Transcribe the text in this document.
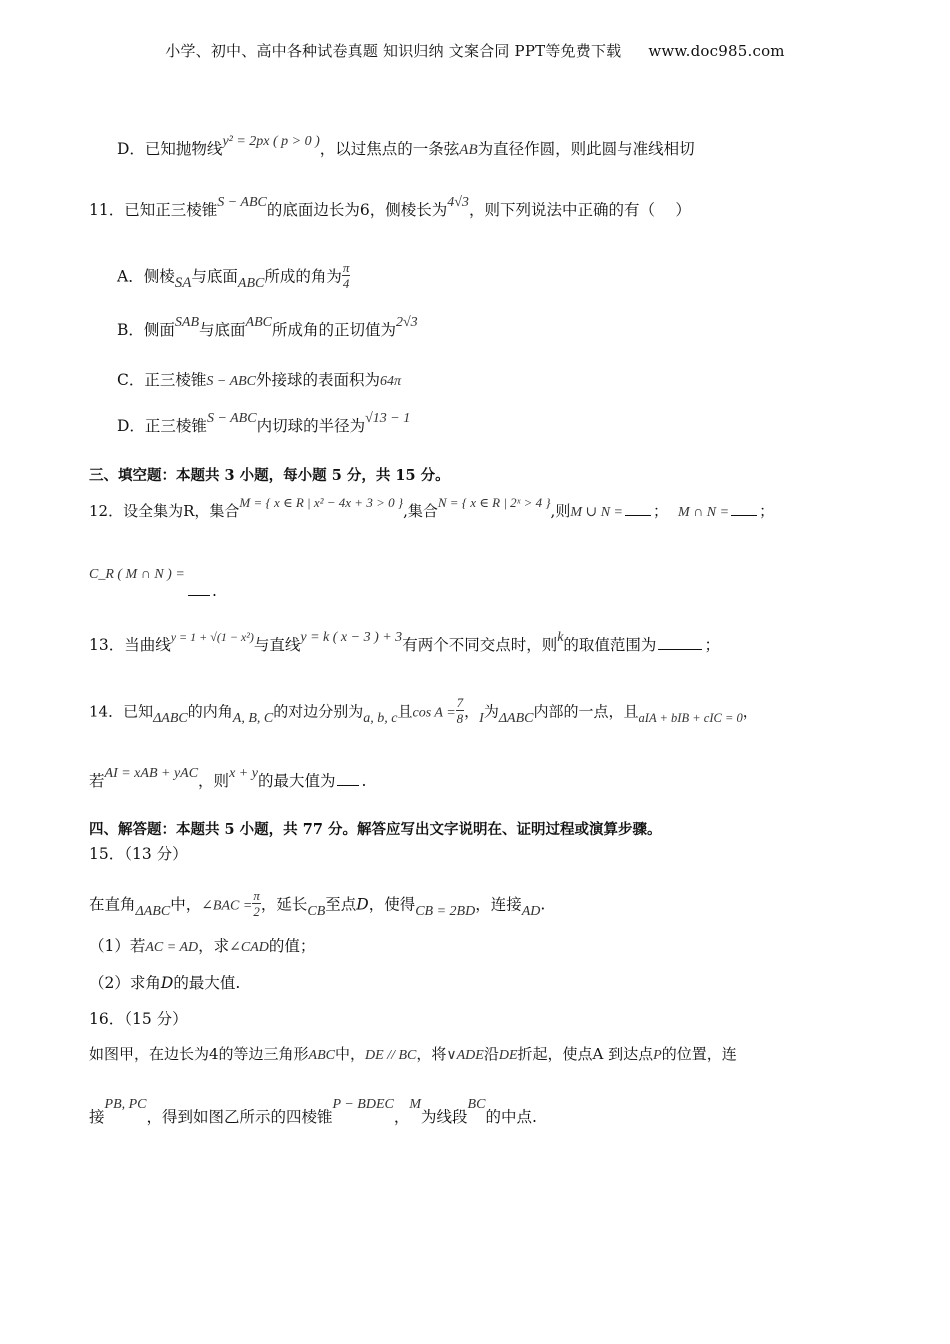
小学、初中、高中各种试卷真题 知识归纳 文案合同 PPT等免费下载 www.doc985.com
D．已知抛物线y² = 2px ( p > 0 )，以过焦点的一条弦AB为直径作圆，则此圆与准线相切
11．已知正三棱锥S − ABC的底面边长为6，侧棱长为4√3，则下列说法中正确的有（　 ）
A．侧棱SA与底面ABC所成的角为 $\frac{\pi}{4}$
B．侧面SAB与底面ABC所成角的正切值为2√3
C．正三棱锥S − ABC外接球的表面积为64π
D．正三棱锥S − ABC内切球的半径为√13 − 1
三、填空题：本题共 3 小题，每小题 5 分，共 15 分。
12．设全集为R，集合M = { x ∈ R | x² − 4x + 3 > 0 },集合N = { x ∈ R | 2ˣ > 4 },则M ∪ N = ； M ∩ N = ；
C_R ( M ∩ N ) =
.
13．当曲线$^{y = 1 + √(1 - x^2)}$与直线y = k ( x − 3 ) + 3有两个不同交点时，则k的取值范围为	；
14．已知ΔABC的内角A, B, C的对边分别为a, b, c且$\cos A = \frac{7}{8}$ ，I为ΔABC内部的一点，且$_{aIA + bIB + cIC = 0}$，
若AI = xAB + yAC，则x + y的最大值为 .
四、解答题：本题共 5 小题，共 77 分。解答应写出文字说明在、证明过程或演算步骤。
15．（13 分）
在直角ΔABC中，∠BAC = $\frac{\pi}{2}$ ，延长CB至点D，使得CB = 2BD，连接AD.
（1）若AC = AD，求∠CAD的值；
（2）求角D的最大值.
16．（15 分）
如图甲，在边长为4的等边三角形ABC中，DE // BC，将∨ADE沿DE折起，使点A 到达点P的位置，连
接PB, PC，得到如图乙所示的四棱锥P − BDEC，M为线段BC的中点.
